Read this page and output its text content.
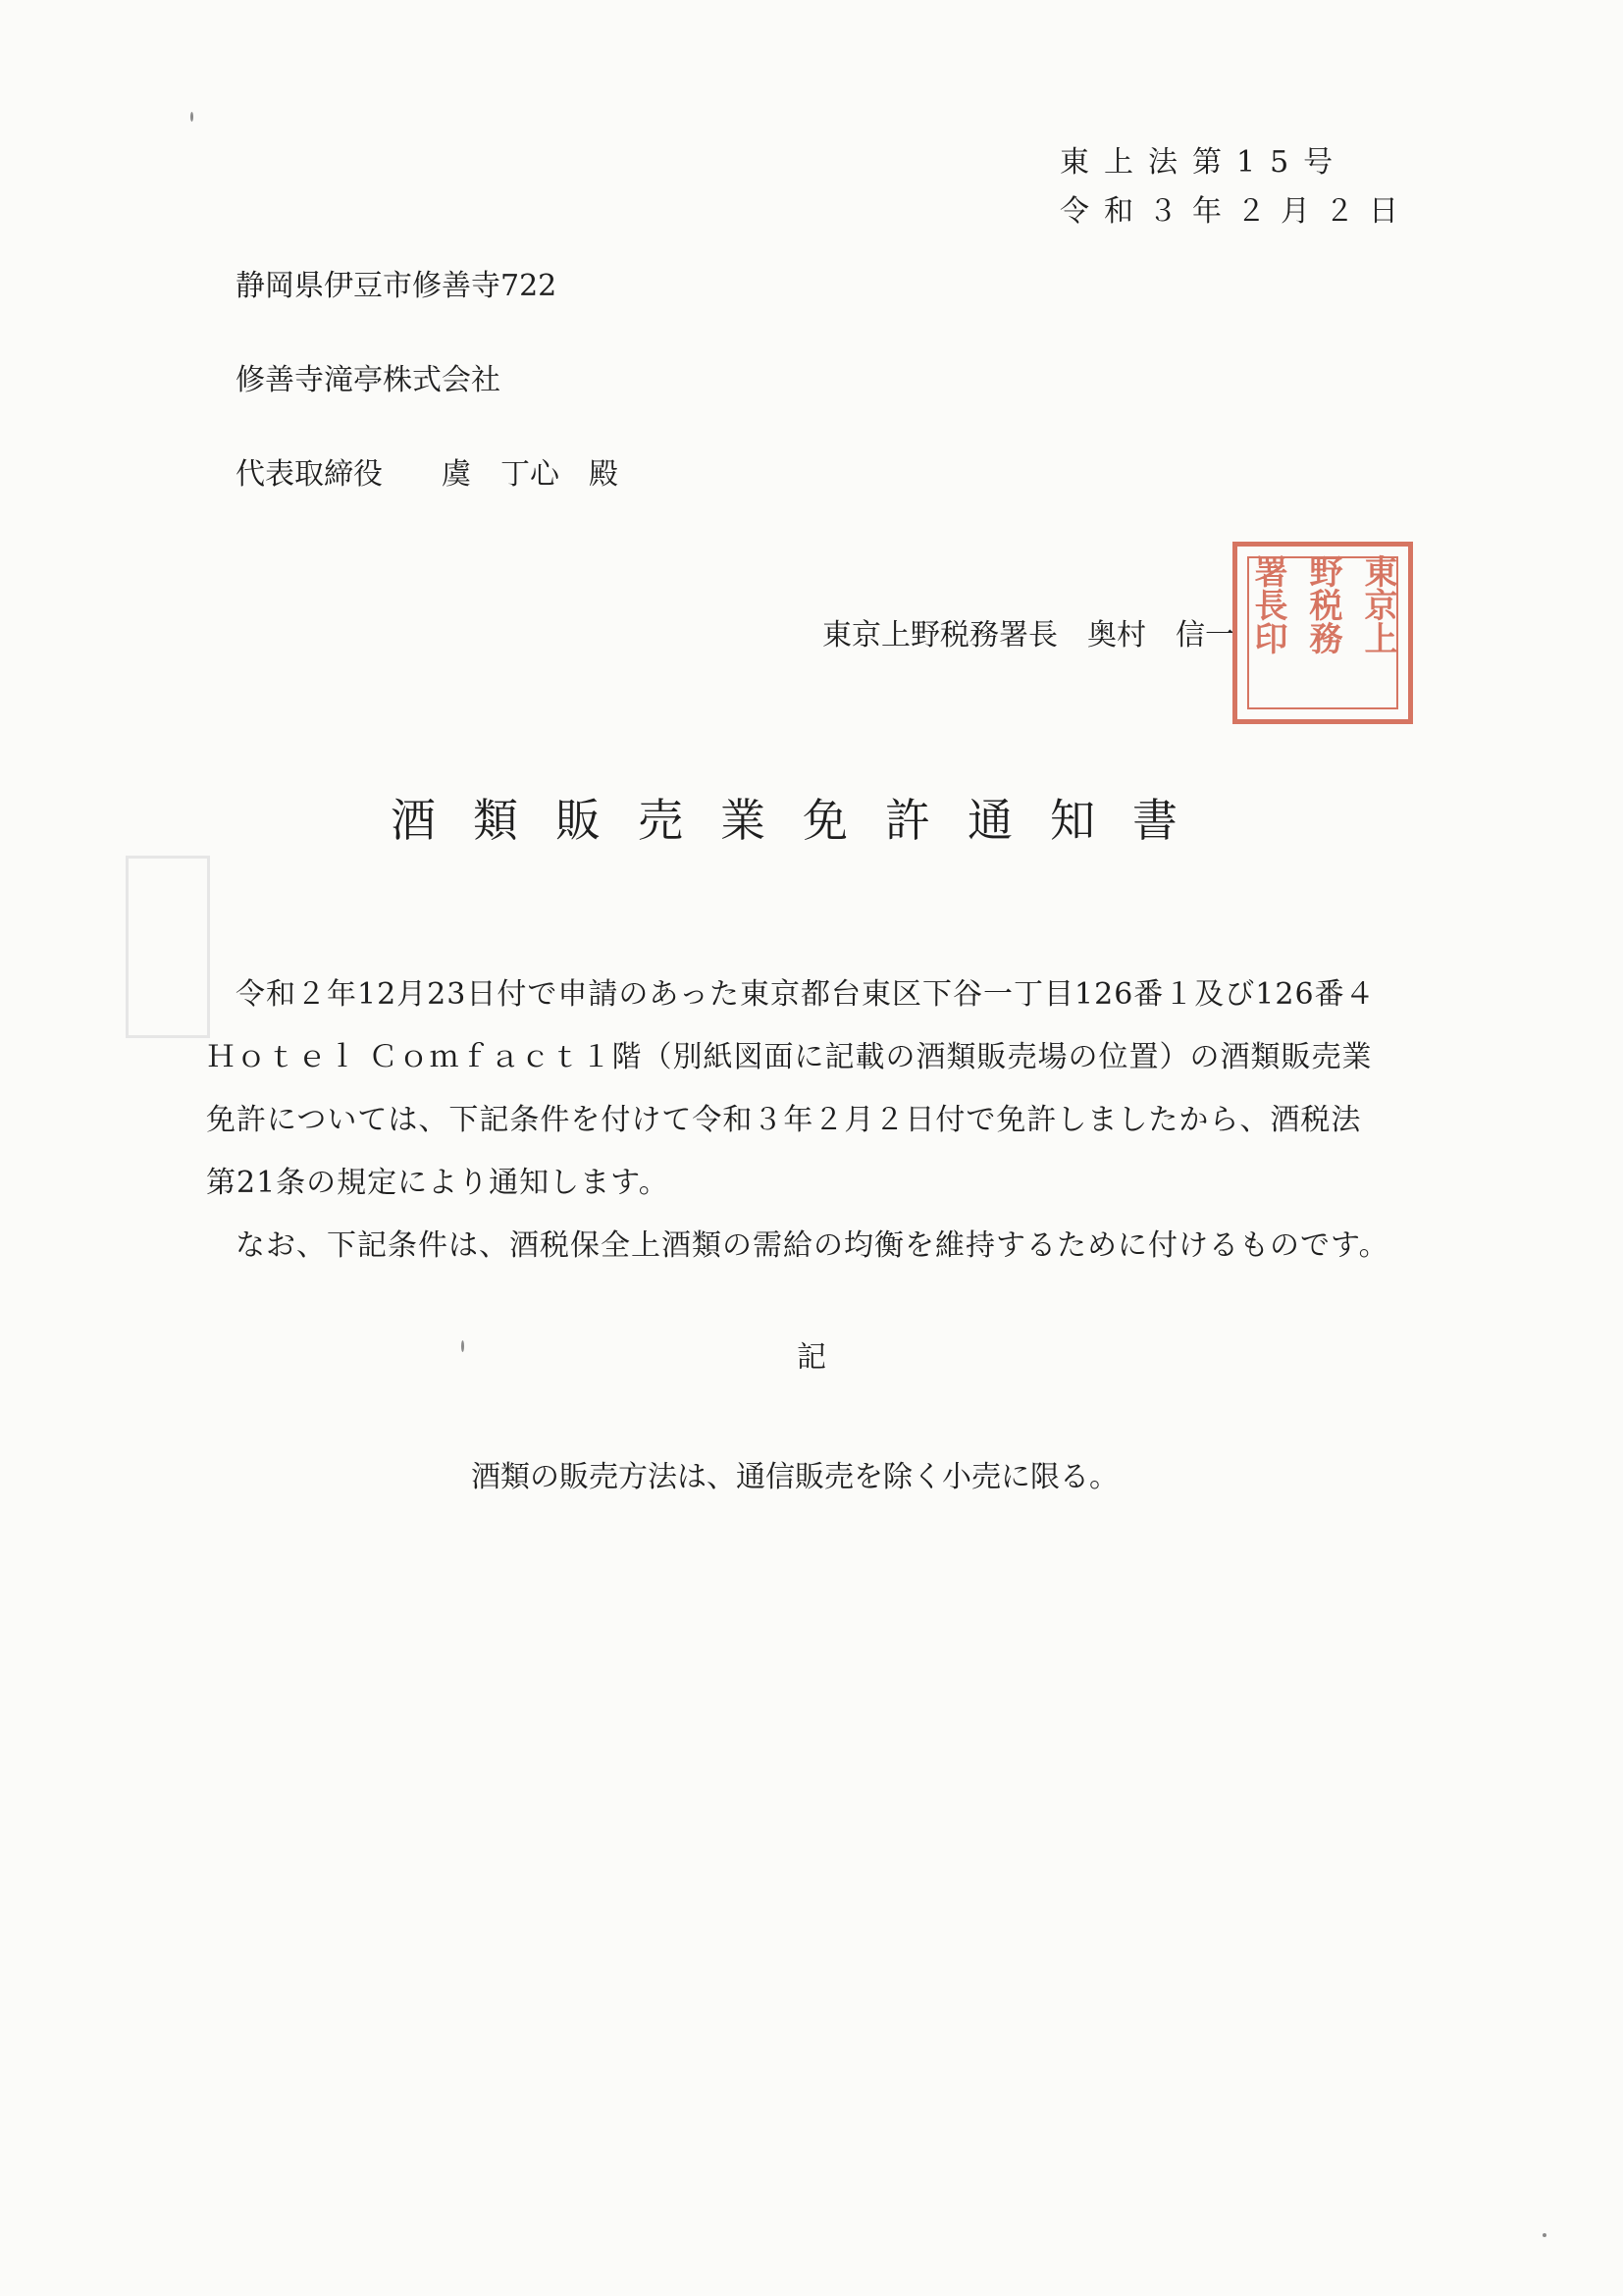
東上法第15号
令和３年２月２日
静岡県伊豆市修善寺722
修善寺滝亭株式会社
代表取締役　　虞　丁心　殿
東京上野税務署長　奥村　信一	東京上
野税務
署長印
酒類販売業免許通知書
令和２年12月23日付で申請のあった東京都台東区下谷一丁目126番１及び126番４
Ｈｏｔｅｌ Ｃｏｍｆａｃｔ１階（別紙図面に記載の酒類販売場の位置）の酒類販売業
免許については、下記条件を付けて令和３年２月２日付で免許しましたから、酒税法
第21条の規定により通知します。
なお、下記条件は、酒税保全上酒類の需給の均衡を維持するために付けるものです。
記
酒類の販売方法は、通信販売を除く小売に限る。
